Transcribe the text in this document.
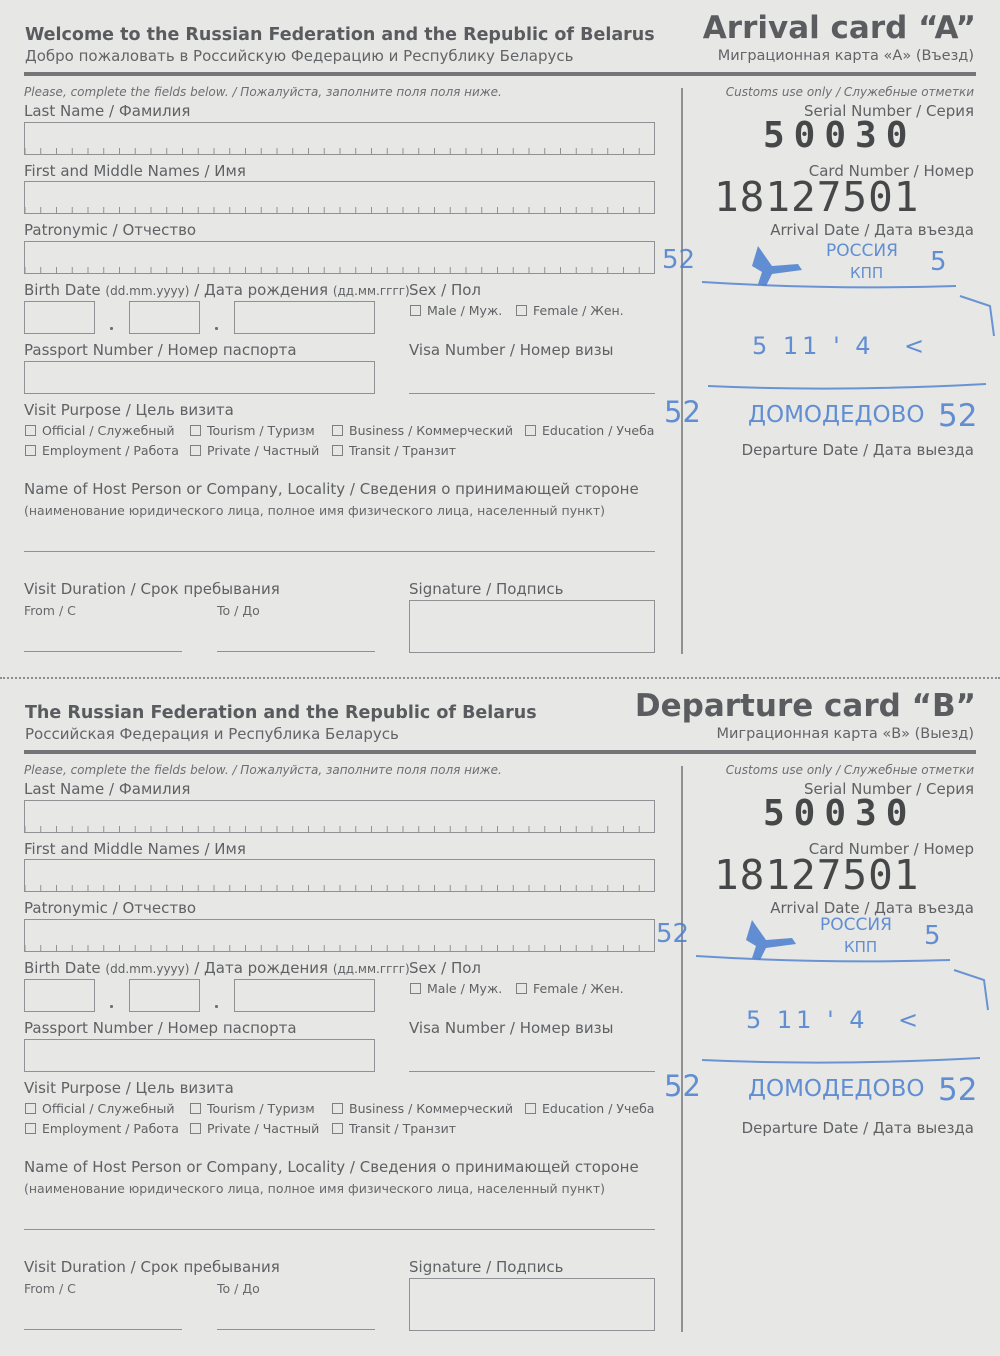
Welcome to the Russian Federation and the Republic of Belarus
Добро пожаловать в Российскую Федерацию и Республику Беларусь
Arrival card “A”
Миграционная карта «А» (Въезд)
Please, complete the fields below. / Пожалуйста, заполните поля поля ниже.
Last Name / Фамилия
First and Middle Names / Имя
Patronymic / Отчество
Birth Date (dd.mm.yyyy) / Дата рождения (дд.мм.гггг) Sex / Пол
Male / Муж. Female / Жен.
Passport Number / Номер паспорта	Visa Number / Номер визы
Visit Purpose / Цель визита
Official / Служебный	Tourism / Туризм	Business / Коммерческий Education / Учеба
Employment / Работа Private / Частный Transit / Транзит
Name of Host Person or Company, Locality / Сведения о принимающей стороне
(наименование юридического лица, полное имя физического лица, населенный пункт)
Visit Duration / Срок пребывания
From / С	To / До
Signature / Подпись
Customs use only / Служебные отметки
Serial Number / Серия
50030
Card Number / Номер
18127501
Arrival Date / Дата въезда
Departure Date / Дата выезда
52	РОССИЯ
КПП 5
5 11 ' 4 <
52 ДОМОДЕДОВО 52
The Russian Federation and the Republic of Belarus
Российская Федерация и Республика Беларусь
Departure card “B”
Миграционная карта «В» (Выезд)
Please, complete the fields below. / Пожалуйста, заполните поля поля ниже.
Last Name / Фамилия
First and Middle Names / Имя
Patronymic / Отчество
Birth Date (dd.mm.yyyy) / Дата рождения (дд.мм.гггг) Sex / Пол
Male / Муж. Female / Жен.
Passport Number / Номер паспорта	Visa Number / Номер визы
Visit Purpose / Цель визита
Official / Служебный	Tourism / Туризм	Business / Коммерческий Education / Учеба
Employment / Работа Private / Частный Transit / Транзит
Name of Host Person or Company, Locality / Сведения о принимающей стороне
(наименование юридического лица, полное имя физического лица, населенный пункт)
Visit Duration / Срок пребывания
From / С	To / До
Signature / Подпись
Customs use only / Служебные отметки
Serial Number / Серия
50030
Card Number / Номер
18127501
Arrival Date / Дата въезда
Departure Date / Дата выезда
52	РОССИЯ
КПП 5
5 11 ' 4 <
52 ДОМОДЕДОВО 52
